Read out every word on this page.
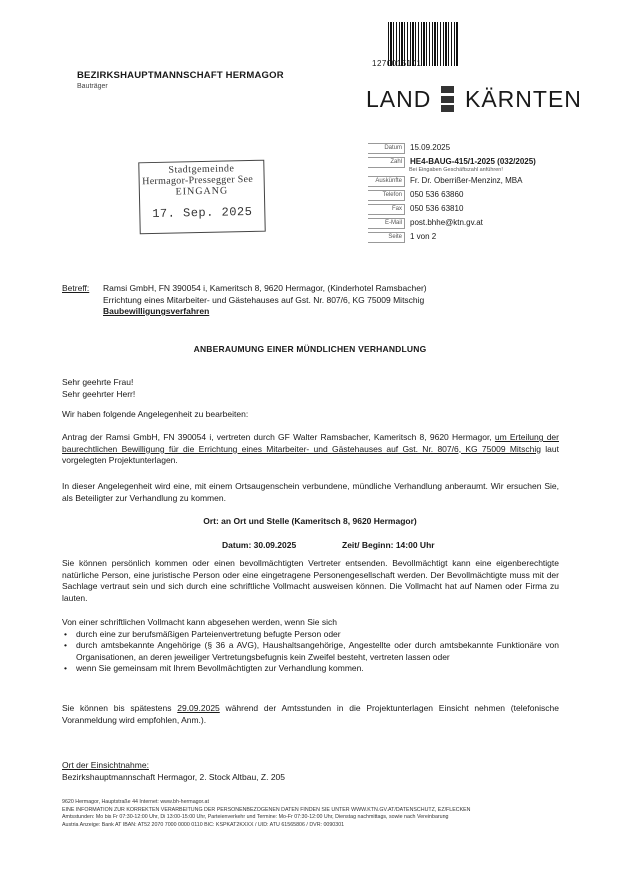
1270015101
BEZIRKSHAUPTMANNSCHAFT HERMAGOR
Bauträger	LAND KÄRNTEN
Stadtgemeinde
Hermagor-Pressegger See
EINGANG
17. Sep. 2025
Datum	15.09.2025
Zahl	HE4-BAUG-415/1-2025 (032/2025)
Bei Eingaben Geschäftszahl anführen!
Auskünfte	Fr. Dr. Oberrißer-Menzinz, MBA
Telefon	050 536 63860
Fax	050 536 63810
E-Mail	post.bhhe@ktn.gv.at
Seite	1 von 2
Betreff: Ramsi GmbH, FN 390054 i, Kameritsch 8, 9620 Hermagor, (Kinderhotel Ramsbacher)
Errichtung eines Mitarbeiter- und Gästehauses auf Gst. Nr. 807/6, KG 75009 Mitschig
Baubewilligungsverfahren
ANBERAUMUNG EINER MÜNDLICHEN VERHANDLUNG
Sehr geehrte Frau!
Sehr geehrter Herr!
Wir haben folgende Angelegenheit zu bearbeiten:
Antrag der Ramsi GmbH, FN 390054 i, vertreten durch GF Walter Ramsbacher, Kameritsch 8, 9620 Hermagor, um Erteilung der baurechtlichen Bewilligung für die Errichtung eines Mitarbeiter- und Gästehauses auf Gst. Nr. 807/6, KG 75009 Mitschig laut vorgelegten Projektunterlagen.
In dieser Angelegenheit wird eine, mit einem Ortsaugenschein verbundene, mündliche Verhandlung anberaumt. Wir ersuchen Sie, als Beteiligter zur Verhandlung zu kommen.
Ort: an Ort und Stelle (Kameritsch 8, 9620 Hermagor)
Datum: 30.09.2025	Zeit/ Beginn: 14:00 Uhr
Sie können persönlich kommen oder einen bevollmächtigten Vertreter entsenden. Bevollmächtigt kann eine eigenberechtigte natürliche Person, eine juristische Person oder eine eingetragene Personengesellschaft werden. Der Bevollmächtigte muss mit der Sachlage vertraut sein und sich durch eine schriftliche Vollmacht ausweisen können. Die Vollmacht hat auf Namen oder Firma zu lauten.
Von einer schriftlichen Vollmacht kann abgesehen werden, wenn Sie sich
• durch eine zur berufsmäßigen Parteienvertretung befugte Person oder
• durch amtsbekannte Angehörige (§ 36 a AVG), Haushaltsangehörige, Angestellte oder durch amtsbekannte Funktionäre von Organisationen, an deren jeweiliger Vertretungsbefugnis kein Zweifel besteht, vertreten lassen oder
• wenn Sie gemeinsam mit Ihrem Bevollmächtigten zur Verhandlung kommen.
Sie können bis spätestens 29.09.2025 während der Amtsstunden in die Projektunterlagen Einsicht nehmen (telefonische Voranmeldung wird empfohlen, Anm.).
Ort der Einsichtnahme:
Bezirkshauptmannschaft Hermagor, 2. Stock Altbau, Z. 205
9620 Hermagor, Hauptstraße 44 Internet: www.bh-hermagor.at
EINE INFORMATION ZUR KORREKTEN VERARBEITUNG DER PERSONENBEZOGENEN DATEN FINDEN SIE UNTER WWW.KTN.GV.AT/DATENSCHUTZ, EZ/FLECKEN
Amtsstunden: Mo bis Fr 07:30-12:00 Uhr, Di 13:00-15:00 Uhr, Parteienverkehr und Termine: Mo-Fr 07:30-12:00 Uhr, Dienstag nachmittags, sowie nach Vereinbarung
Austria Anzeige: Bank AT IBAN: AT52 2070 7000 0000 0110 BIC: KSPKAT2KXXX / UID: ATU 61565806 / DVR: 0090301
